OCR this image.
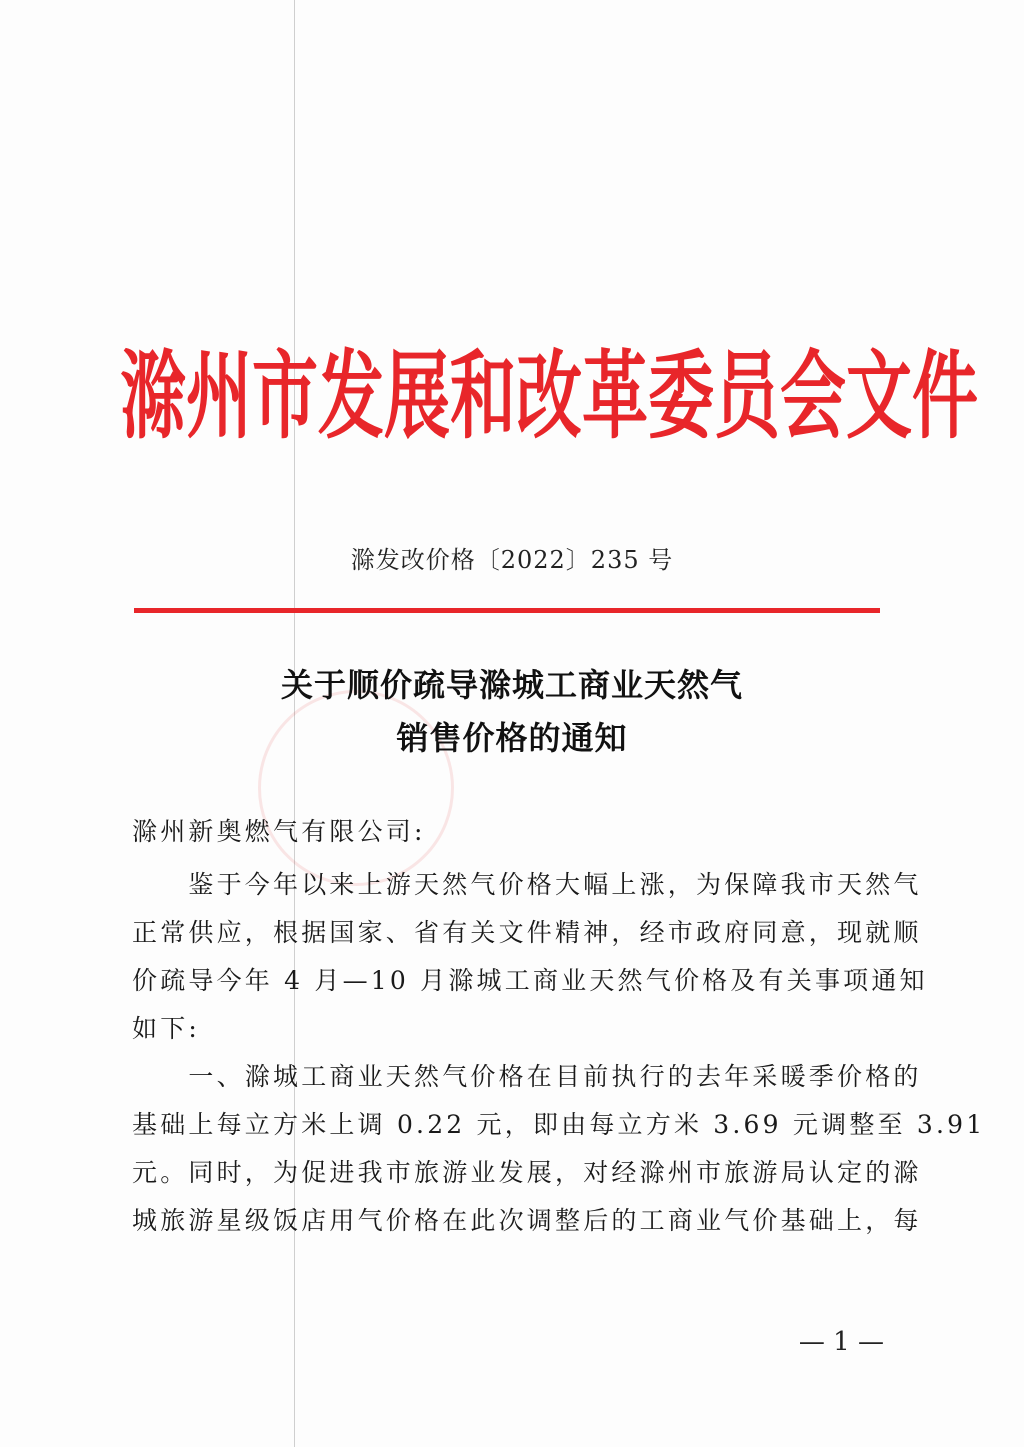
滁州市发展和改革委员会文件
滁发改价格〔2022〕235 号
关于顺价疏导滁城工商业天然气
销售价格的通知
滁州新奥燃气有限公司:
　　鉴于今年以来上游天然气价格大幅上涨，为保障我市天然气
正常供应，根据国家、省有关文件精神，经市政府同意，现就顺
价疏导今年 4 月—10 月滁城工商业天然气价格及有关事项通知
如下:
　　一、滁城工商业天然气价格在目前执行的去年采暖季价格的
基础上每立方米上调 0.22 元，即由每立方米 3.69 元调整至 3.91
元。同时，为促进我市旅游业发展，对经滁州市旅游局认定的滁
城旅游星级饭店用气价格在此次调整后的工商业气价基础上，每
— 1 —
